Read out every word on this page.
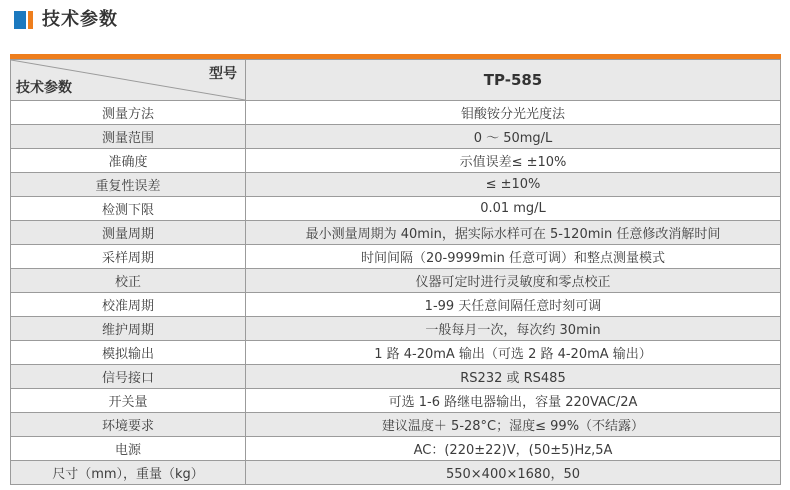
技术参数
型号
技术参数	TP-585
测量方法	钼酸铵分光光度法
测量范围	0 ～ 50mg/L
准确度	示值误差≤ ±10%
重复性误差	≤ ±10%
检测下限	0.01 mg/L
测量周期	最小测量周期为 40min，据实际水样可在 5-120min 任意修改消解时间
采样周期	时间间隔（20-9999min 任意可调）和整点测量模式
校正	仪器可定时进行灵敏度和零点校正
校准周期	1-99 天任意间隔任意时刻可调
维护周期	一般每月一次，每次约 30min
模拟输出	1 路 4-20mA 输出（可选 2 路 4-20mA 输出）
信号接口	RS232 或 RS485
开关量	可选 1-6 路继电器输出，容量 220VAC/2A
环境要求	建议温度＋ 5-28°C；湿度≤ 99%（不结露）
电源	AC：(220±22)V，(50±5)Hz,5A
尺寸（mm），重量（kg）	550×400×1680，50
